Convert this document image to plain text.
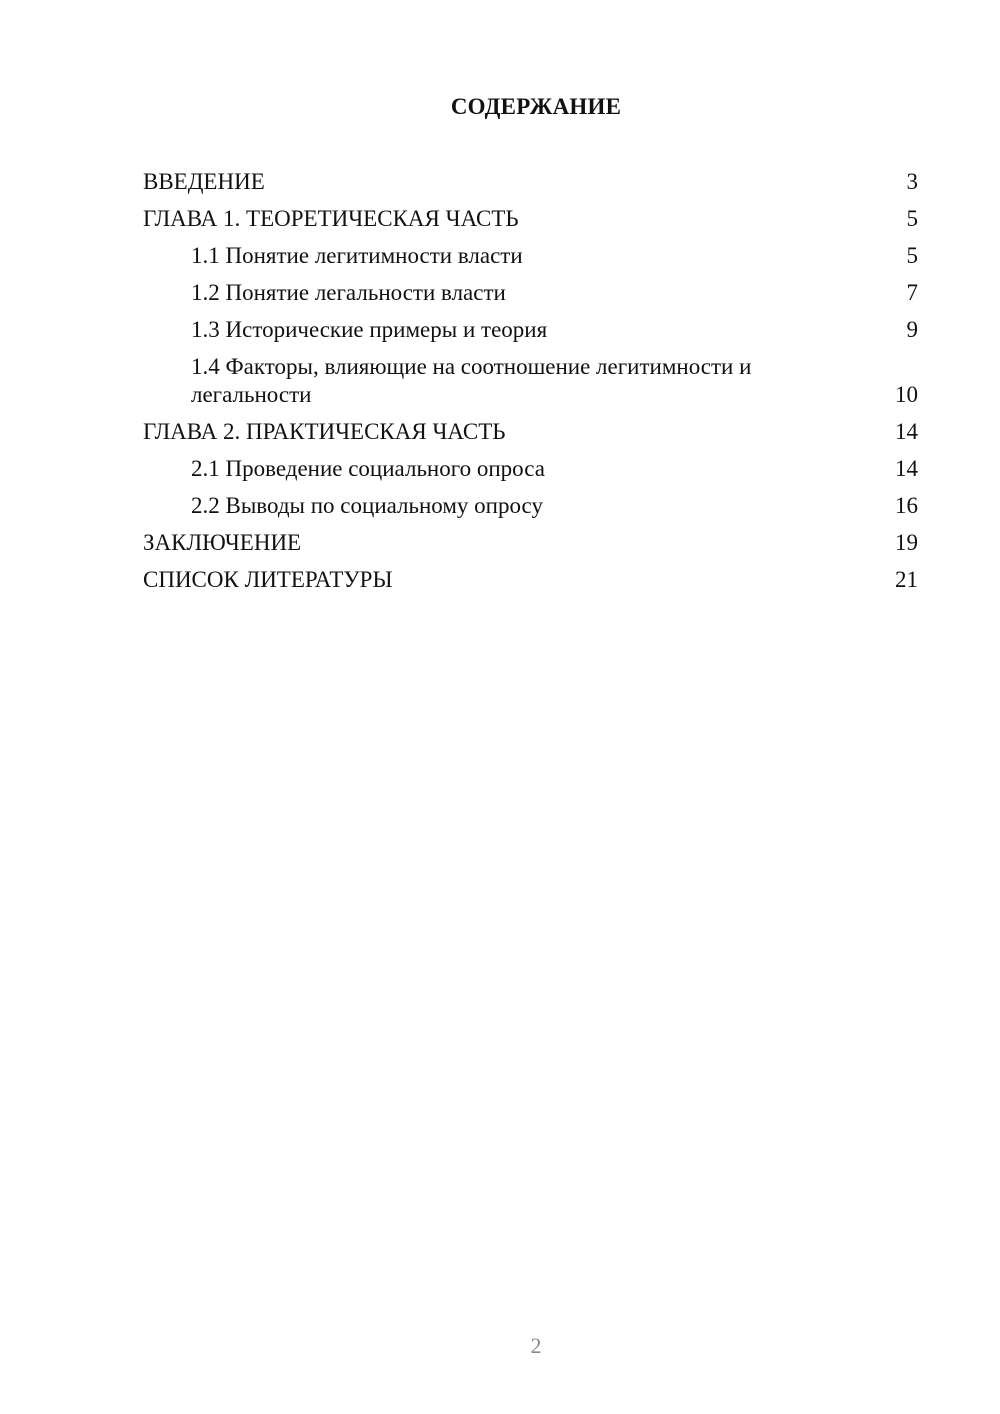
СОДЕРЖАНИЕ
ВВЕДЕНИЕ	3
ГЛАВА 1. ТЕОРЕТИЧЕСКАЯ ЧАСТЬ	5
1.1 Понятие легитимности власти	5
1.2 Понятие легальности власти	7
1.3 Исторические примеры и теория	9
1.4 Факторы, влияющие на соотношение легитимности и легальности	10
ГЛАВА 2. ПРАКТИЧЕСКАЯ ЧАСТЬ	14
2.1 Проведение социального опроса	14
2.2 Выводы по социальному опросу	16
ЗАКЛЮЧЕНИЕ	19
СПИСОК ЛИТЕРАТУРЫ	21
2
